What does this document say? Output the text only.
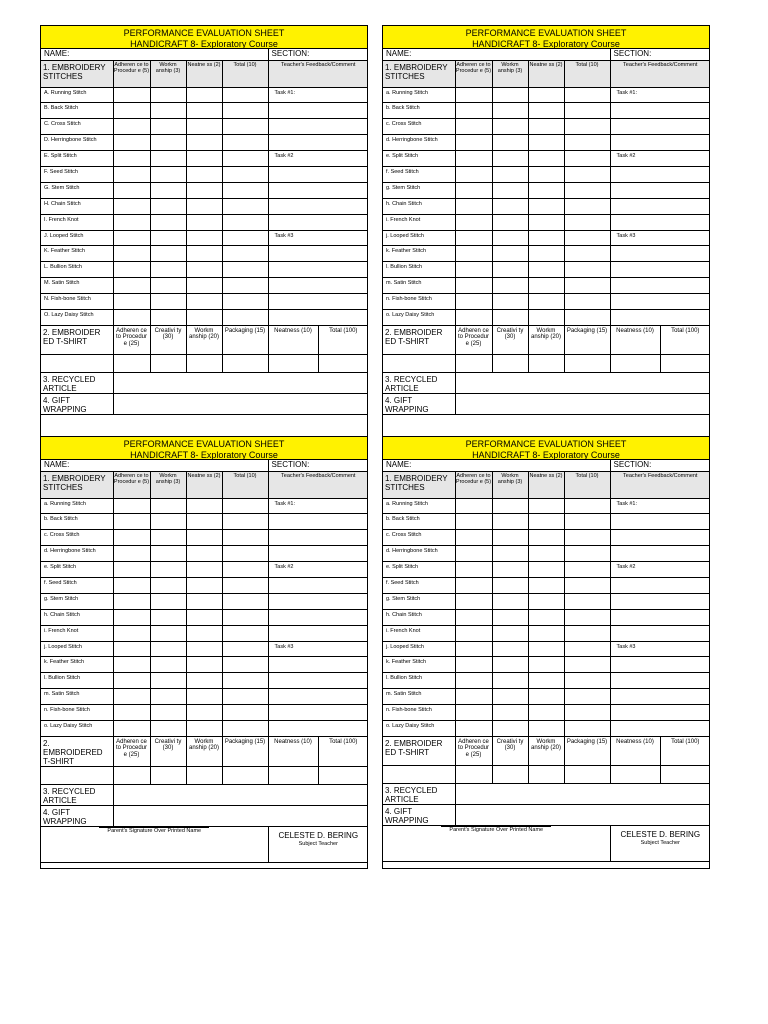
PERFORMANCE EVALUATION SHEET
HANDICRAFT 8- Exploratory Course
NAME:					SECTION:	
1. EMBROIDERY STITCHES	Adheren ce to Procedur e (5)	Workm anship (3)	Neatne ss (2)	Total (10)	Teacher's Feedback/Comment	
A. Running Stitch					Task #1:	
B. Back Stitch						
C. Cross Stitch						
D. Herringbone Stitch						
E. Split Stitch					Task #2	
F. Seed Stitch						
G. Stem Stitch						
H. Chain Stitch						
I. French Knot						
J. Looped Stitch					Task #3	
K. Feather Stitch						
L. Bullion Stitch						
M. Satin Stitch						
N. Fish-bone Stitch						
O. Lazy Daisy Stitch						
2. EMBROIDER ED T-SHIRT	Adheren ce to Procedur e (25)	Creativi ty (30)	Workm anship (20)	Packaging (15)	Neatness (10)	Total (100)

3. RECYCLED ARTICLE						
4. GIFT WRAPPING						
PERFORMANCE EVALUATION SHEET
HANDICRAFT 8- Exploratory Course
NAME:					SECTION:	
1. EMBROIDERY STITCHES	Adheren ce to Procedur e (5)	Workm anship (3)	Neatne ss (2)	Total (10)	Teacher's Feedback/Comment	
a. Running Stitch					Task #1:	
b. Back Stitch						
c. Cross Stitch						
d. Herringbone Stitch						
e. Split Stitch					Task #2	
f. Seed Stitch						
g. Stem Stitch						
h. Chain Stitch						
i. French Knot						
j. Looped Stitch					Task #3	
k. Feather Stitch						
l. Bullion Stitch						
m. Satin Stitch						
n. Fish-bone Stitch						
o. Lazy Daisy Stitch						
2. EMBROIDER ED T-SHIRT	Adheren ce to Procedur e (25)	Creativi ty (30)	Workm anship (20)	Packaging (15)	Neatness (10)	Total (100)

3. RECYCLED ARTICLE						
4. GIFT WRAPPING						
PERFORMANCE EVALUATION SHEET
HANDICRAFT 8- Exploratory Course
NAME:					SECTION:	
1. EMBROIDERY STITCHES	Adheren ce to Procedur e (5)	Workm anship (3)	Neatne ss (2)	Total (10)	Teacher's Feedback/Comment	
a. Running Stitch					Task #1:	
b. Back Stitch						
c. Cross Stitch						
d. Herringbone Stitch						
e. Split Stitch					Task #2	
f. Seed Stitch						
g. Stem Stitch						
h. Chain Stitch						
i. French Knot						
j. Looped Stitch					Task #3	
k. Feather Stitch						
l. Bullion Stitch						
m. Satin Stitch						
n. Fish-bone Stitch						
o. Lazy Daisy Stitch						
2. EMBROIDERED T-SHIRT	Adheren ce to Procedur e (25)	Creativi ty (30)	Workm anship (20)	Packaging (15)	Neatness (10)	Total (100)

3. RECYCLED ARTICLE						
4. GIFT WRAPPING						

Parent's Signature Over Printed Name					CELESTE D. BERING
Subject Teacher	
PERFORMANCE EVALUATION SHEET
HANDICRAFT 8- Exploratory Course
NAME:					SECTION:	
1. EMBROIDERY STITCHES	Adheren ce to Procedur e (5)	Workm anship (3)	Neatne ss (2)	Total (10)	Teacher's Feedback/Comment	
a. Running Stitch					Task #1:	
b. Back Stitch						
c. Cross Stitch						
d. Herringbone Stitch						
e. Split Stitch					Task #2	
f. Seed Stitch						
g. Stem Stitch						
h. Chain Stitch						
i. French Knot						
j. Looped Stitch					Task #3	
k. Feather Stitch						
l. Bullion Stitch						
m. Satin Stitch						
n. Fish-bone Stitch						
o. Lazy Daisy Stitch						
2. EMBROIDER ED T-SHIRT	Adheren ce to Procedur e (25)	Creativi ty (30)	Workm anship (20)	Packaging (15)	Neatness (10)	Total (100)

3. RECYCLED ARTICLE						
4. GIFT WRAPPING						

Parent's Signature Over Printed Name					CELESTE D. BERING
Subject Teacher	
